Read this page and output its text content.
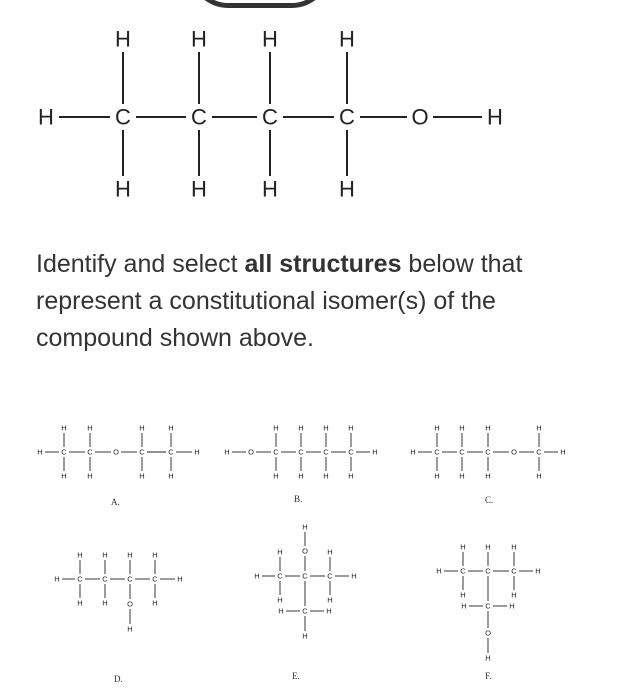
H	C	C	C	C
H
H
H
H
H
H
H
H
O	H

Identify and select all structures below that represent a constitutional isomer(s) of the compound shown above.

H C	C
H
H
H
H
O	C	C
H
H
H
H
H	H O	C	C	C	C
H
H
H
H
H
H
H
H
H	H C	C	C
H
H
H
H
H
H
O	C
H
H
H
H C	C	C	C
H
H
H
H
H	H
H
O
H
H	H C	C	C
H
H
H
H
O
H
H
C
H	H
H
H C	C	C
H
H
H	H
H
H
C
H	H
O
H
A.	B.	C.
D.	E.	F.
